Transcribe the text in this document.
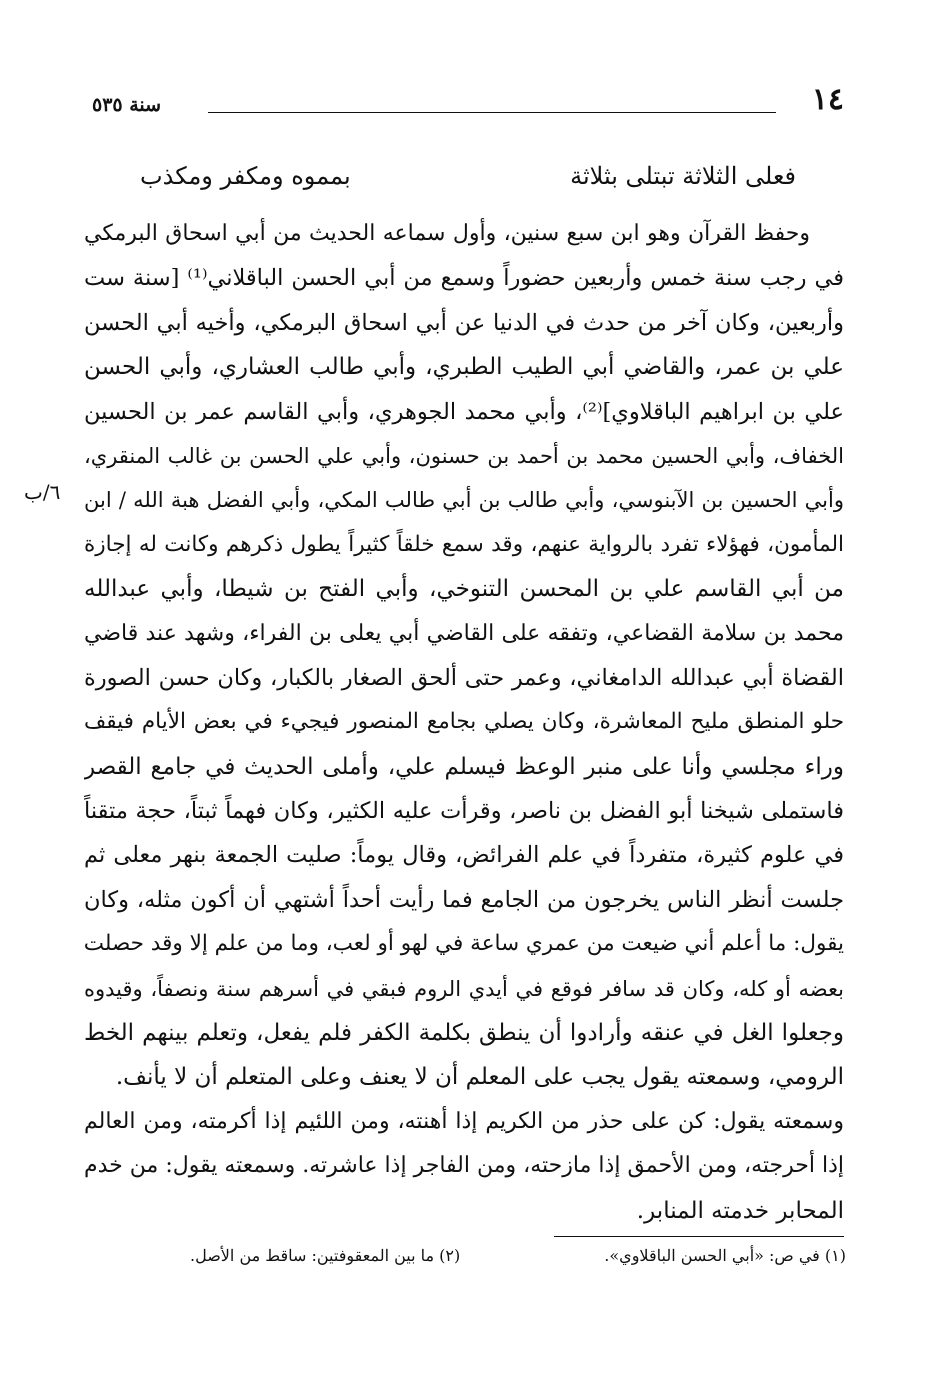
١٤
سنة ٥٣٥
فعلى الثلاثة تبتلى بثلاثة
بمموه ومكفر ومكذب
٦/ب
وحفظ القرآن وهو ابن سبع سنين، وأول سماعه الحديث من أبي اسحاق البرمكي
في رجب سنة خمس وأربعين حضوراً وسمع من أبي الحسن الباقلاني⁽¹⁾ [سنة ست
وأربعين، وكان آخر من حدث في الدنيا عن أبي اسحاق البرمكي، وأخيه أبي الحسن
علي بن عمر، والقاضي أبي الطيب الطبري، وأبي طالب العشاري، وأبي الحسن
علي بن ابراهيم الباقلاوي]⁽²⁾، وأبي محمد الجوهري، وأبي القاسم عمر بن الحسين
الخفاف، وأبي الحسين محمد بن أحمد بن حسنون، وأبي علي الحسن بن غالب المنقري،
وأبي الحسين بن الآبنوسي، وأبي طالب بن أبي طالب المكي، وأبي الفضل هبة الله / ابن
المأمون، فهؤلاء تفرد بالرواية عنهم، وقد سمع خلقاً كثيراً يطول ذكرهم وكانت له إجازة
من أبي القاسم علي بن المحسن التنوخي، وأبي الفتح بن شيطا، وأبي عبدالله
محمد بن سلامة القضاعي، وتفقه على القاضي أبي يعلى بن الفراء، وشهد عند قاضي
القضاة أبي عبدالله الدامغاني، وعمر حتى ألحق الصغار بالكبار، وكان حسن الصورة
حلو المنطق مليح المعاشرة، وكان يصلي بجامع المنصور فيجيء في بعض الأيام فيقف
وراء مجلسي وأنا على منبر الوعظ فيسلم علي، وأملى الحديث في جامع القصر
فاستملى شيخنا أبو الفضل بن ناصر، وقرأت عليه الكثير، وكان فهماً ثبتاً، حجة متقناً
في علوم كثيرة، متفرداً في علم الفرائض، وقال يوماً: صليت الجمعة بنهر معلى ثم
جلست أنظر الناس يخرجون من الجامع فما رأيت أحداً أشتهي أن أكون مثله، وكان
يقول: ما أعلم أني ضيعت من عمري ساعة في لهو أو لعب، وما من علم إلا وقد حصلت
بعضه أو كله، وكان قد سافر فوقع في أيدي الروم فبقي في أسرهم سنة ونصفاً، وقيدوه
وجعلوا الغل في عنقه وأرادوا أن ينطق بكلمة الكفر فلم يفعل، وتعلم بينهم الخط
الرومي، وسمعته يقول يجب على المعلم أن لا يعنف وعلى المتعلم أن لا يأنف.
وسمعته يقول: كن على حذر من الكريم إذا أهنته، ومن اللئيم إذا أكرمته، ومن العالم
إذا أحرجته، ومن الأحمق إذا مازحته، ومن الفاجر إذا عاشرته. وسمعته يقول: من خدم
المحابر خدمته المنابر.
(١) في ص: «أبي الحسن الباقلاوي».
(٢) ما بين المعقوفتين: ساقط من الأصل.
